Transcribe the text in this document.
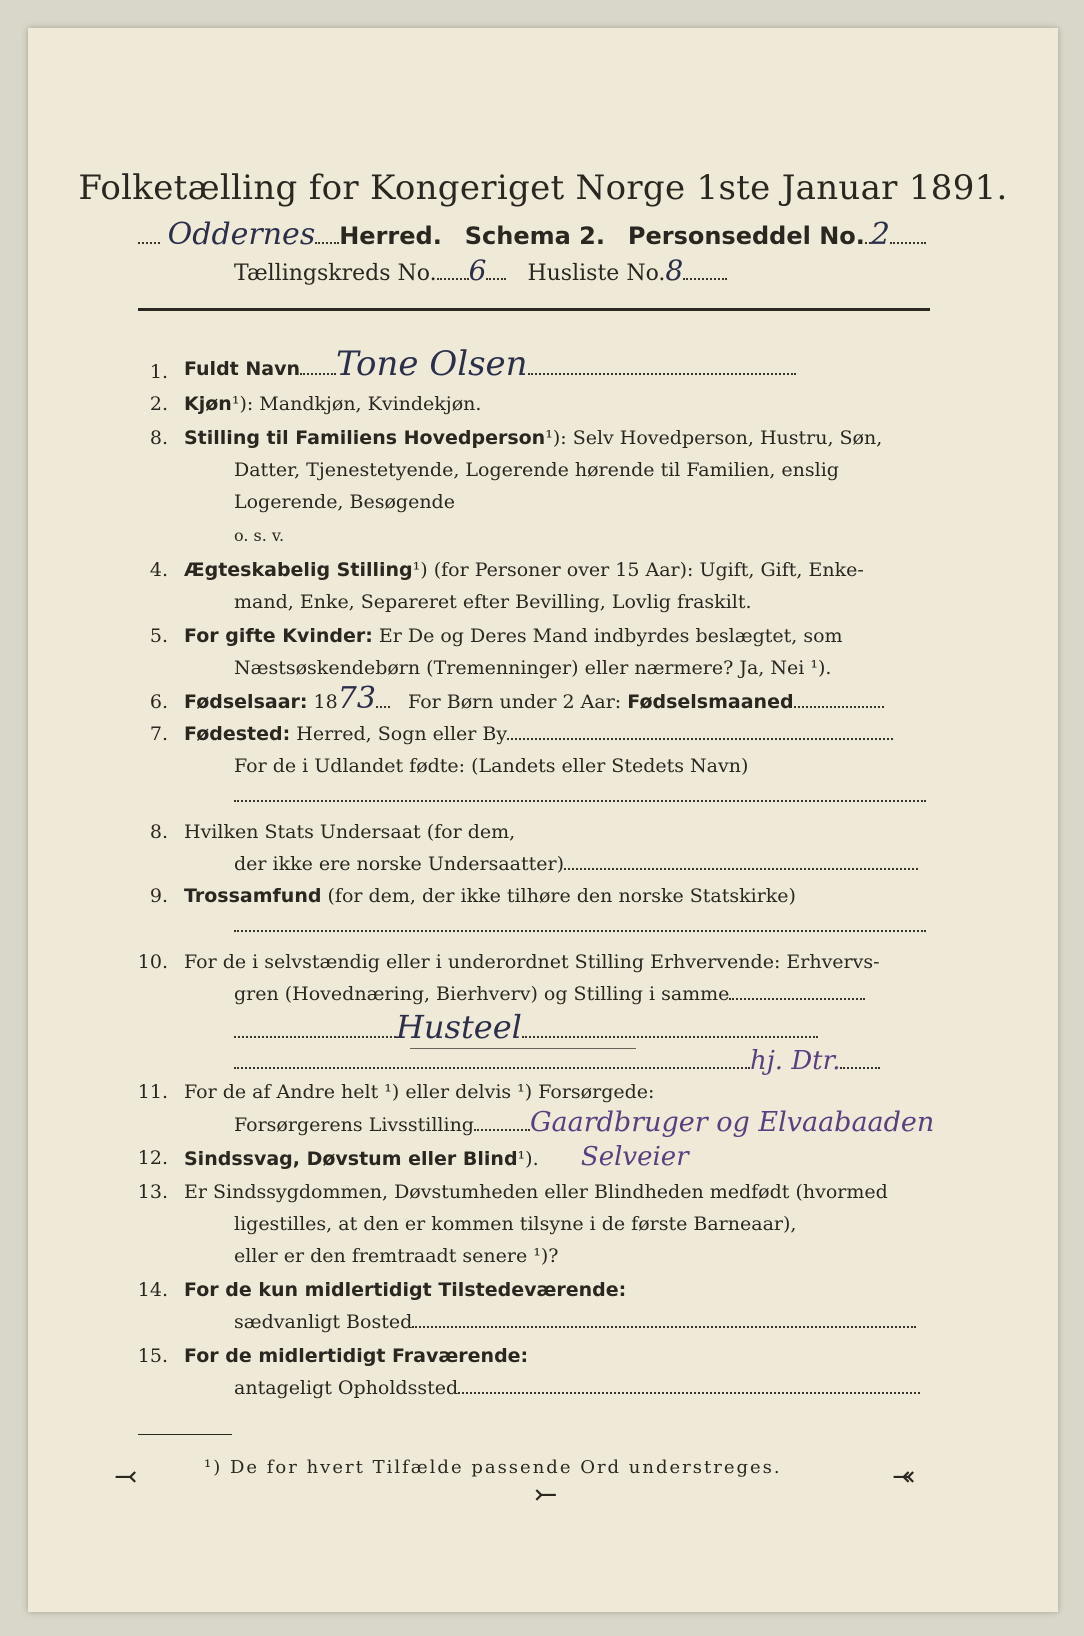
Folketælling for Kongeriget Norge 1ste Januar 1891.
Oddernes Herred. Schema 2. Personseddel No. 2
Tællingskreds No. 6 Husliste No.8
1. Fuldt Navn Tone Olsen
2. Kjøn¹): Mandkjøn, Kvindekjøn.
8. Stilling til Familiens Hovedperson¹): Selv Hovedperson, Hustru, Søn,
Datter, Tjenestetyende, Logerende hørende til Familien, enslig
Logerende, Besøgende
o. s. v.
4. Ægteskabelig Stilling¹) (for Personer over 15 Aar): Ugift, Gift, Enke-
mand, Enke, Separeret efter Bevilling, Lovlig fraskilt.
5. For gifte Kvinder: Er De og Deres Mand indbyrdes beslægtet, som
Næstsøskendebørn (Tremenninger) eller nærmere? Ja, Nei ¹).
6. Fødselsaar: 1873 For Børn under 2 Aar: Fødselsmaaned
7. Fødested: Herred, Sogn eller By
For de i Udlandet fødte: (Landets eller Stedets Navn)
8. Hvilken Stats Undersaat (for dem,
der ikke ere norske Undersaatter)
9. Trossamfund (for dem, der ikke tilhøre den norske Statskirke)
10. For de i selvstændig eller i underordnet Stilling Erhvervende: Erhvervs-
gren (Hovednæring, Bierhverv) og Stilling i samme
Husteel
hj. Dtr.
11. For de af Andre helt ¹) eller delvis ¹) Forsørgede:
Forsørgerens Livsstilling Gaardbruger og Elvaabaaden
12. Sindssvag, Døvstum eller Blind¹). Selveier
13. Er Sindssygdommen, Døvstumheden eller Blindheden medfødt (hvormed
ligestilles, at den er kommen tilsyne i de første Barneaar),
eller er den fremtraadt senere ¹)?
14. For de kun midlertidigt Tilstedeværende:
sædvanligt Bosted
15. For de midlertidigt Fraværende:
antageligt Opholdssted
¹) De for hvert Tilfælde passende Ord understreges.
⤙
⤚
⤛
